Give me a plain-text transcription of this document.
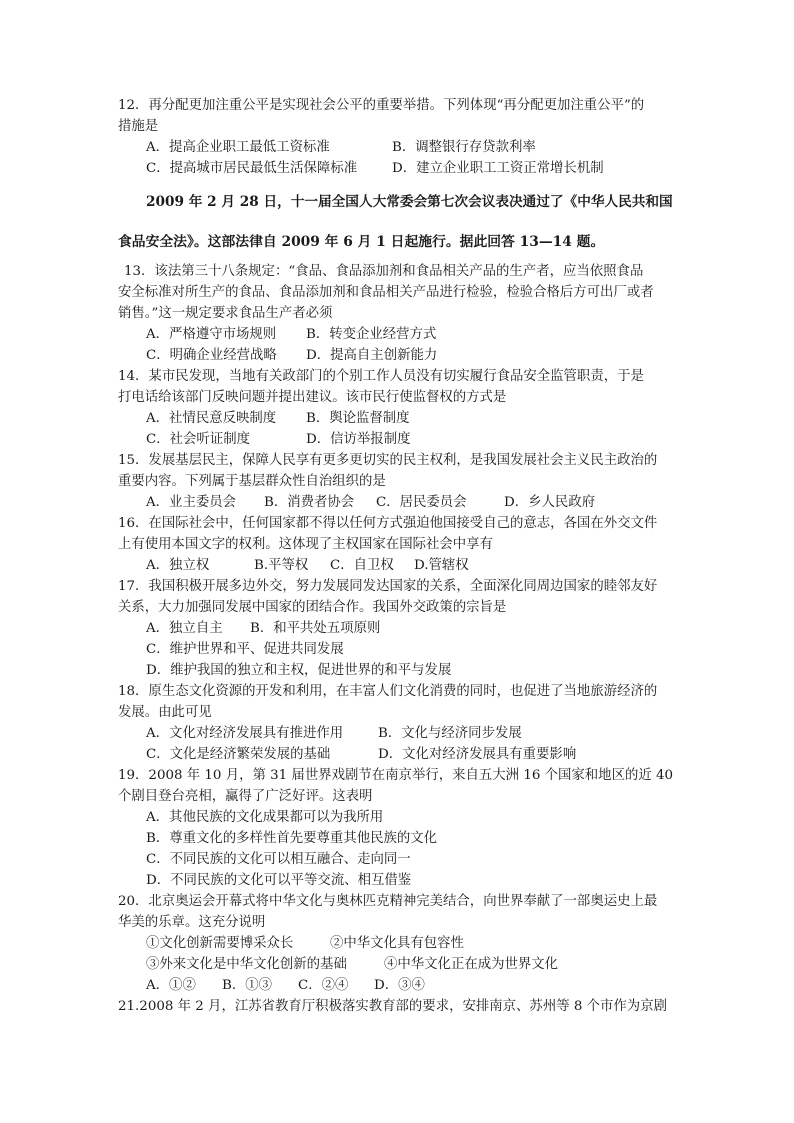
12．再分配更加注重公平是实现社会公平的重要举措。下列体现“再分配更加注重公平”的
措施是
A．提高企业职工最低工资标准	B．调整银行存贷款利率
C．提高城市居民最低生活保障标准	D．建立企业职工工资正常增长机制
2009 年 2 月 28 日，十一届全国人大常委会第七次会议表决通过了《中华人民共和国
食品安全法》。这部法律自 2009 年 6 月 1 日起施行。据此回答 13—14 题。
13．该法第三十八条规定：“食品、食品添加剂和食品相关产品的生产者，应当依照食品
安全标准对所生产的食品、食品添加剂和食品相关产品进行检验，检验合格后方可出厂或者
销售。”这一规定要求食品生产者必须
A．严格遵守市场规则 B．转变企业经营方式
C．明确企业经营战略 D．提高自主创新能力
14．某市民发现，当地有关政部门的个别工作人员没有切实履行食品安全监管职责，于是
打电话给该部门反映问题并提出建议。该市民行使监督权的方式是
A．社情民意反映制度 B．舆论监督制度
C．社会听证制度	D．信访举报制度
15．发展基层民主，保障人民享有更多更切实的民主权利，是我国发展社会主义民主政治的
重要内容。下列属于基层群众性自治组织的是
A．业主委员会 B．消费者协会 C．居民委员会	D．乡人民政府
16．在国际社会中，任何国家都不得以任何方式强迫他国接受自己的意志，各国在外交文件
上有使用本国文字的权利。这体现了主权国家在国际社会中享有
A．独立权	B.平等权 C．自卫权 D.管辖权
17．我国积极开展多边外交，努力发展同发达国家的关系，全面深化同周边国家的睦邻友好
关系，大力加强同发展中国家的团结合作。我国外交政策的宗旨是
A．独立自主 B．和平共处五项原则
C．维护世界和平、促进共同发展
D．维护我国的独立和主权，促进世界的和平与发展
18．原生态文化资源的开发和利用，在丰富人们文化消费的同时，也促进了当地旅游经济的
发展。由此可见
A．文化对经济发展具有推进作用	B．文化与经济同步发展
C．文化是经济繁荣发展的基础	D．文化对经济发展具有重要影响
19．2008 年 10 月，第 31 届世界戏剧节在南京举行，来自五大洲 16 个国家和地区的近 40
个剧目登台亮相，赢得了广泛好评。这表明
A．其他民族的文化成果都可以为我所用
B．尊重文化的多样性首先要尊重其他民族的文化
C．不同民族的文化可以相互融合、走向同一
D．不同民族的文化可以平等交流、相互借鉴
20．北京奥运会开幕式将中华文化与奥林匹克精神完美结合，向世界奉献了一部奥运史上最
华美的乐章。这充分说明
①文化创新需要博采众长	②中华文化具有包容性
③外来文化是中华文化创新的基础	④中华文化正在成为世界文化
A．①② B．①③ C．②④ D．③④
21.2008 年 2 月，江苏省教育厅积极落实教育部的要求，安排南京、苏州等 8 个市作为京剧
